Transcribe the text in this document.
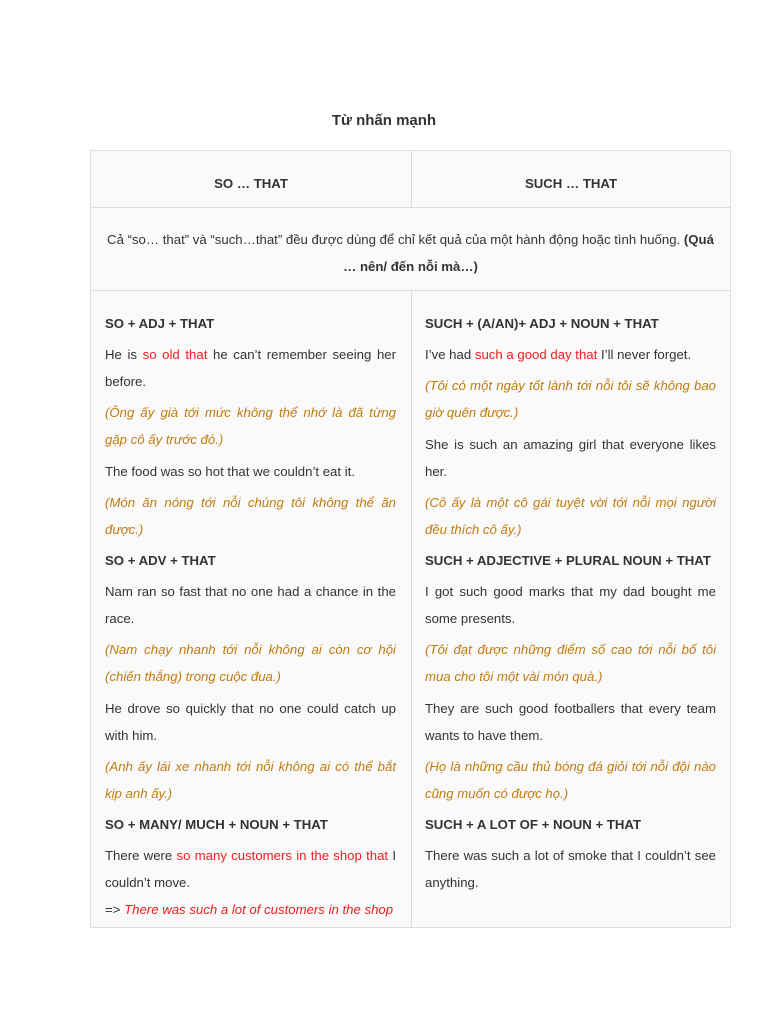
Từ nhấn mạnh
SO … THAT	SUCH … THAT

Cả “so… that” và “such…that” đều được dùng để chỉ kết quả của một hành động hoặc tình huống. (Quá … nên/ đến nỗi mà…)

SO + ADJ + THAT

He is so old that he can’t remember seeing her before.

(Ông ấy già tới mức không thể nhớ là đã từng gặp cô ấy trước đó.)

The food was so hot that we couldn’t eat it.

(Món ăn nóng tới nỗi chúng tôi không thể ăn được.)

SO + ADV + THAT

Nam ran so fast that no one had a chance in the race.

(Nam chạy nhanh tới nỗi không ai còn cơ hội (chiến thắng) trong cuộc đua.)

He drove so quickly that no one could catch up with him.

(Anh ấy lái xe nhanh tới nỗi không ai có thể bắt kịp anh ấy.)

SO + MANY/ MUCH + NOUN + THAT

There were so many customers in the shop that I couldn’t move.
=> There was such a lot of customers in the shop

SUCH + (A/AN)+ ADJ + NOUN + THAT

I’ve had such a good day that I’ll never forget.

(Tôi có một ngày tốt lành tới nỗi tôi sẽ không bao giờ quên được.)

She is such an amazing girl that everyone likes her.

(Cô ấy là một cô gái tuyệt vời tới nỗi mọi người đều thích cô ấy.)

SUCH + ADJECTIVE + PLURAL NOUN + THAT

I got such good marks that my dad bought me some presents.

(Tôi đạt được những điểm số cao tới nỗi bố tôi mua cho tôi một vài món quà.)

They are such good footballers that every team wants to have them.

(Họ là những cầu thủ bóng đá giỏi tới nỗi đội nào cũng muốn có được họ.)

SUCH + A LOT OF + NOUN + THAT

There was such a lot of smoke that I couldn’t see anything.
